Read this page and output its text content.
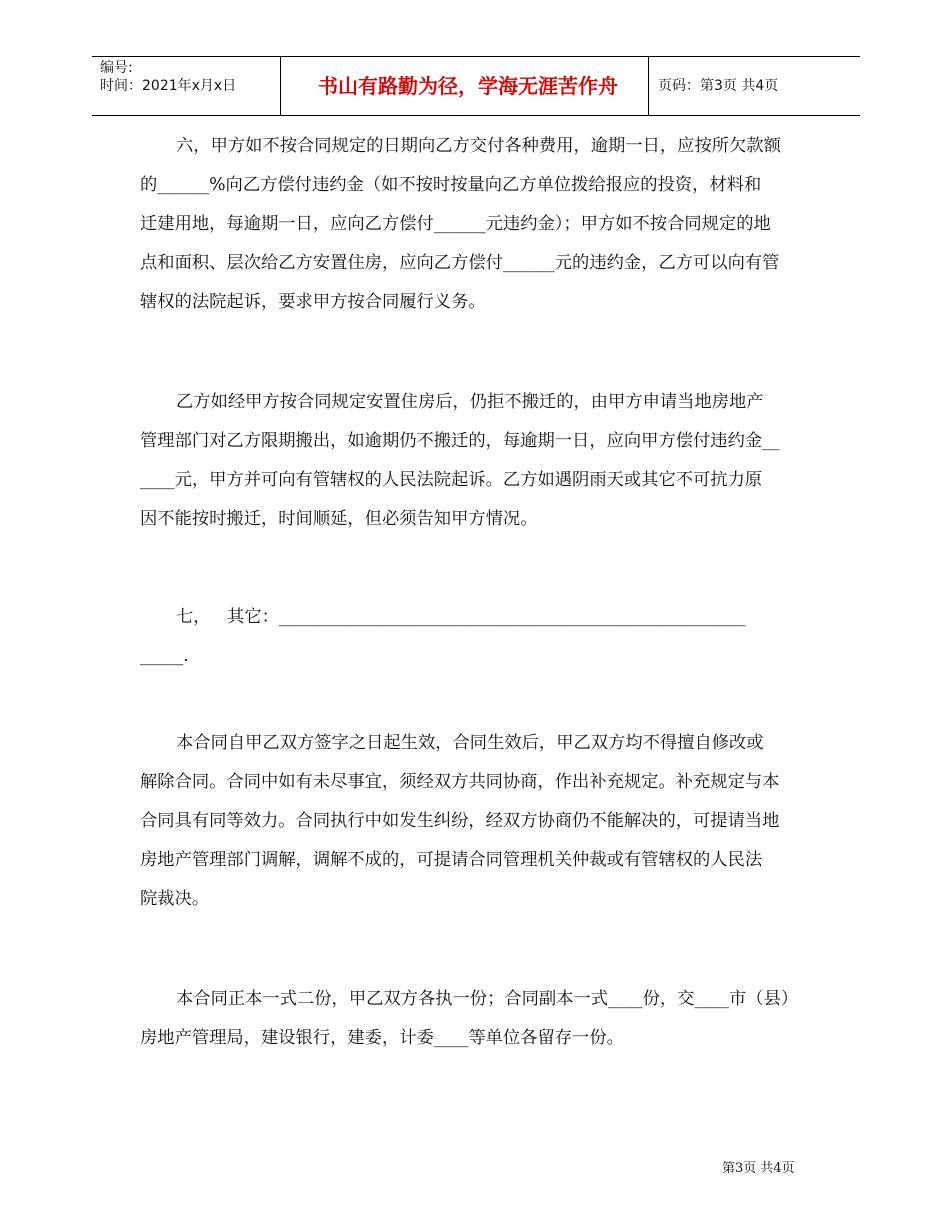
编号:
时间：2021年x月x日	书山有路勤为径，学海无涯苦作舟	页码：第3页 共4页
六，甲方如不按合同规定的日期向乙方交付各种费用，逾期一日，应按所欠款额
的______%向乙方偿付违约金（如不按时按量向乙方单位拨给报应的投资，材料和
迁建用地，每逾期一日，应向乙方偿付______元违约金）；甲方如不按合同规定的地
点和面积、层次给乙方安置住房，应向乙方偿付______元的违约金，乙方可以向有管
辖权的法院起诉，要求甲方按合同履行义务。
乙方如经甲方按合同规定安置住房后，仍拒不搬迁的，由甲方申请当地房地产
管理部门对乙方限期搬出，如逾期仍不搬迁的，每逾期一日，应向甲方偿付违约金__
____元，甲方并可向有管辖权的人民法院起诉。乙方如遇阴雨天或其它不可抗力原
因不能按时搬迁，时间顺延，但必须告知甲方情况。
七，   其它：______________________________________________________
_____.
本合同自甲乙双方签字之日起生效，合同生效后，甲乙双方均不得擅自修改或
解除合同。合同中如有未尽事宜，须经双方共同协商，作出补充规定。补充规定与本
合同具有同等效力。合同执行中如发生纠纷，经双方协商仍不能解决的，可提请当地
房地产管理部门调解，调解不成的，可提请合同管理机关仲裁或有管辖权的人民法
院裁决。
本合同正本一式二份，甲乙双方各执一份；合同副本一式____份，交____市（县）
房地产管理局，建设银行，建委，计委____等单位各留存一份。
第3页 共4页
